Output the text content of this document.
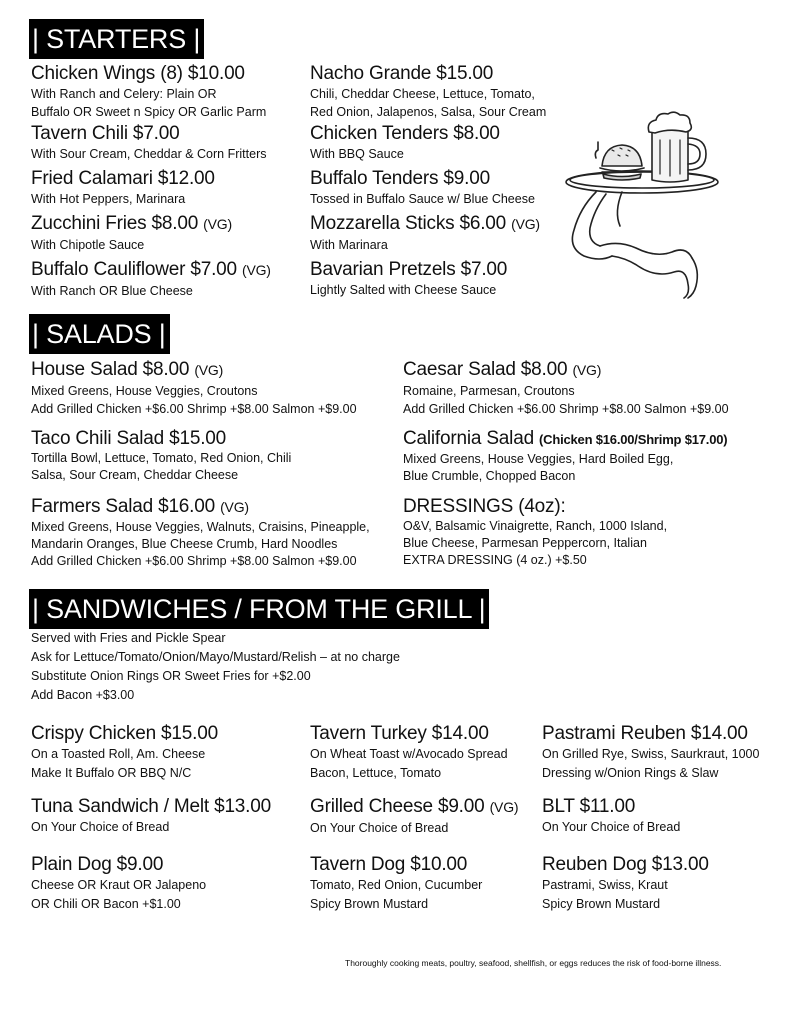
| STARTERS |
Chicken Wings (8) $10.00
With Ranch and Celery: Plain OR
Buffalo OR Sweet n Spicy OR Garlic Parm
Tavern Chili $7.00
With Sour Cream, Cheddar & Corn Fritters
Fried Calamari $12.00
With Hot Peppers, Marinara
Zucchini Fries $8.00 (VG)
With Chipotle Sauce
Buffalo Cauliflower $7.00 (VG)
With Ranch OR Blue Cheese
Nacho Grande $15.00
Chili, Cheddar Cheese, Lettuce, Tomato,
Red Onion, Jalapenos, Salsa, Sour Cream
Chicken Tenders $8.00
With BBQ Sauce
Buffalo Tenders $9.00
Tossed in Buffalo Sauce w/ Blue Cheese
Mozzarella Sticks $6.00 (VG)
With Marinara
Bavarian Pretzels $7.00
Lightly Salted with Cheese Sauce
| SALADS |
House Salad $8.00 (VG)
Mixed Greens, House Veggies, Croutons
Add Grilled Chicken +$6.00 Shrimp +$8.00 Salmon +$9.00
Taco Chili Salad $15.00
Tortilla Bowl, Lettuce, Tomato, Red Onion, Chili
Salsa, Sour Cream, Cheddar Cheese
Farmers Salad $16.00 (VG)
Mixed Greens, House Veggies, Walnuts, Craisins, Pineapple,
Mandarin Oranges, Blue Cheese Crumb, Hard Noodles
Add Grilled Chicken +$6.00 Shrimp +$8.00 Salmon +$9.00
Caesar Salad $8.00 (VG)
Romaine, Parmesan, Croutons
Add Grilled Chicken +$6.00 Shrimp +$8.00 Salmon +$9.00
California Salad (Chicken $16.00/Shrimp $17.00)
Mixed Greens, House Veggies, Hard Boiled Egg,
Blue Crumble, Chopped Bacon
DRESSINGS (4oz):
O&V, Balsamic Vinaigrette, Ranch, 1000 Island,
Blue Cheese, Parmesan Peppercorn, Italian
EXTRA DRESSING (4 oz.) +$.50
| SANDWICHES / FROM THE GRILL |
Served with Fries and Pickle Spear
Ask for Lettuce/Tomato/Onion/Mayo/Mustard/Relish – at no charge
Substitute Onion Rings OR Sweet Fries for +$2.00
Add Bacon +$3.00
Crispy Chicken $15.00
On a Toasted Roll, Am. Cheese
Make It Buffalo OR BBQ N/C
Tuna Sandwich / Melt $13.00
On Your Choice of Bread
Plain Dog $9.00
Cheese OR Kraut OR Jalapeno
OR Chili OR Bacon +$1.00
Tavern Turkey $14.00
On Wheat Toast w/Avocado Spread
Bacon, Lettuce, Tomato
Grilled Cheese $9.00 (VG)
On Your Choice of Bread
Tavern Dog $10.00
Tomato, Red Onion, Cucumber
Spicy Brown Mustard
Pastrami Reuben $14.00
On Grilled Rye, Swiss, Saurkraut, 1000
Dressing w/Onion Rings & Slaw
BLT $11.00
On Your Choice of Bread
Reuben Dog $13.00
Pastrami, Swiss, Kraut
Spicy Brown Mustard
Thoroughly cooking meats, poultry, seafood, shellfish, or eggs reduces the risk of food-borne illness.
